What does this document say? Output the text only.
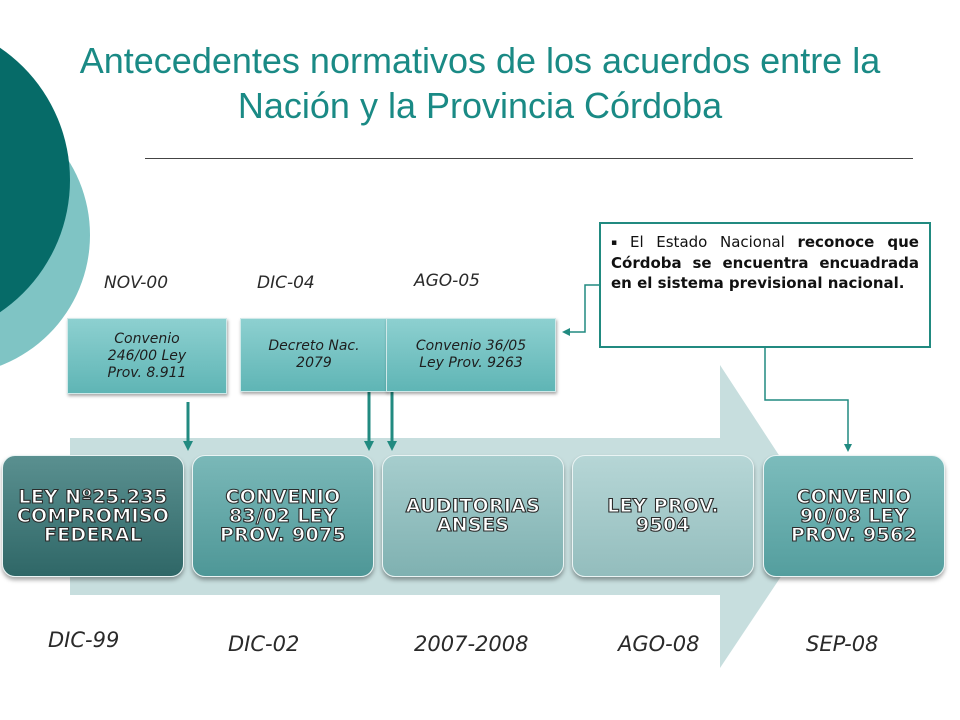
Antecedentes normativos de los acuerdos entre la Nación y la Provincia Córdoba
NOV-00	DIC-04	AGO-05
Convenio
246/00 Ley
Prov. 8.911
Decreto Nac.
2079
Convenio 36/05
Ley Prov. 9263
▪ El Estado Nacional reconoce que Córdoba se encuentra encuadrada en el sistema previsional nacional.
LEY Nº25.235
COMPROMISO
FEDERAL
CONVENIO
83/02 LEY
PROV. 9075
AUDITORIAS
ANSES
LEY PROV.
9504
CONVENIO
90/08 LEY
PROV. 9562
DIC-99	DIC-02	2007-2008	AGO-08	SEP-08
